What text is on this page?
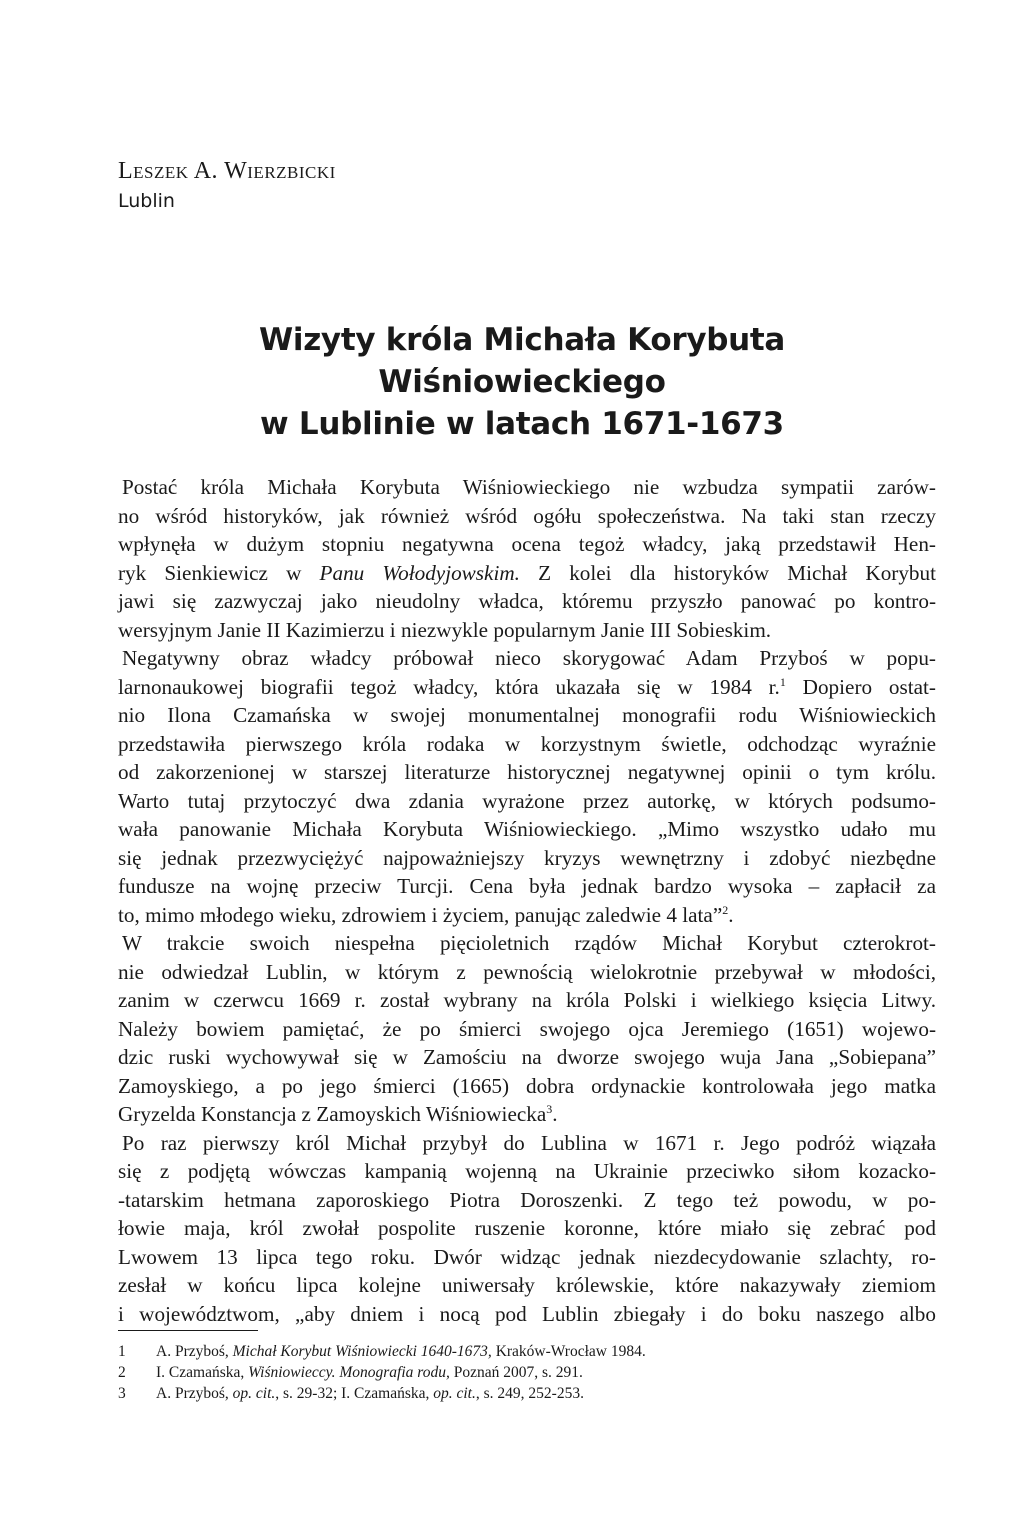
Leszek A. Wierzbicki
Lublin
Wizyty króla Michała Korybuta Wiśniowieckiego
w Lublinie w latach 1671-1673

Postać króla Michała Korybuta Wiśniowieckiego nie wzbudza sympatii zarów-
no wśród historyków, jak również wśród ogółu społeczeństwa. Na taki stan rzeczy
wpłynęła w dużym stopniu negatywna ocena tegoż władcy, jaką przedstawił Hen-
ryk Sienkiewicz w Panu Wołodyjowskim. Z kolei dla historyków Michał Korybut
jawi się zazwyczaj jako nieudolny władca, któremu przyszło panować po kontro-
wersyjnym Janie II Kazimierzu i niezwykle popularnym Janie III Sobieskim.

Negatywny obraz władcy próbował nieco skorygować Adam Przyboś w popu-
larnonaukowej biografii tegoż władcy, która ukazała się w 1984 r.$^1$ Dopiero ostat-
nio Ilona Czamańska w swojej monumentalnej monografii rodu Wiśniowieckich
przedstawiła pierwszego króla rodaka w korzystnym świetle, odchodząc wyraźnie
od zakorzenionej w starszej literaturze historycznej negatywnej opinii o tym królu.
Warto tutaj przytoczyć dwa zdania wyrażone przez autorkę, w których podsumo-
wała panowanie Michała Korybuta Wiśniowieckiego. „Mimo wszystko udało mu
się jednak przezwyciężyć najpoważniejszy kryzys wewnętrzny i zdobyć niezbędne
fundusze na wojnę przeciw Turcji. Cena była jednak bardzo wysoka – zapłacił za
to, mimo młodego wieku, zdrowiem i życiem, panując zaledwie 4 lata”$^2$.

W trakcie swoich niespełna pięcioletnich rządów Michał Korybut czterokrot-
nie odwiedzał Lublin, w którym z pewnością wielokrotnie przebywał w młodości,
zanim w czerwcu 1669 r. został wybrany na króla Polski i wielkiego księcia Litwy.
Należy bowiem pamiętać, że po śmierci swojego ojca Jeremiego (1651) wojewo-
dzic ruski wychowywał się w Zamościu na dworze swojego wuja Jana „Sobiepana”
Zamoyskiego, a po jego śmierci (1665) dobra ordynackie kontrolowała jego matka
Gryzelda Konstancja z Zamoyskich Wiśniowiecka$^3$.

Po raz pierwszy król Michał przybył do Lublina w 1671 r. Jego podróż wiązała
się z podjętą wówczas kampanią wojenną na Ukrainie przeciwko siłom kozacko-
-tatarskim hetmana zaporoskiego Piotra Doroszenki. Z tego też powodu, w po-
łowie maja, król zwołał pospolite ruszenie koronne, które miało się zebrać pod
Lwowem 13 lipca tego roku. Dwór widząc jednak niezdecydowanie szlachty, ro-
zesłał w końcu lipca kolejne uniwersały królewskie, które nakazywały ziemiom
i województwom, „aby dniem i nocą pod Lublin zbiegały i do boku naszego albo

1	A. Przyboś, Michał Korybut Wiśniowiecki 1640-1673, Kraków-Wrocław 1984.
2	I. Czamańska, Wiśniowieccy. Monografia rodu, Poznań 2007, s. 291.
3	A. Przyboś, op. cit., s. 29-32; I. Czamańska, op. cit., s. 249, 252-253.
